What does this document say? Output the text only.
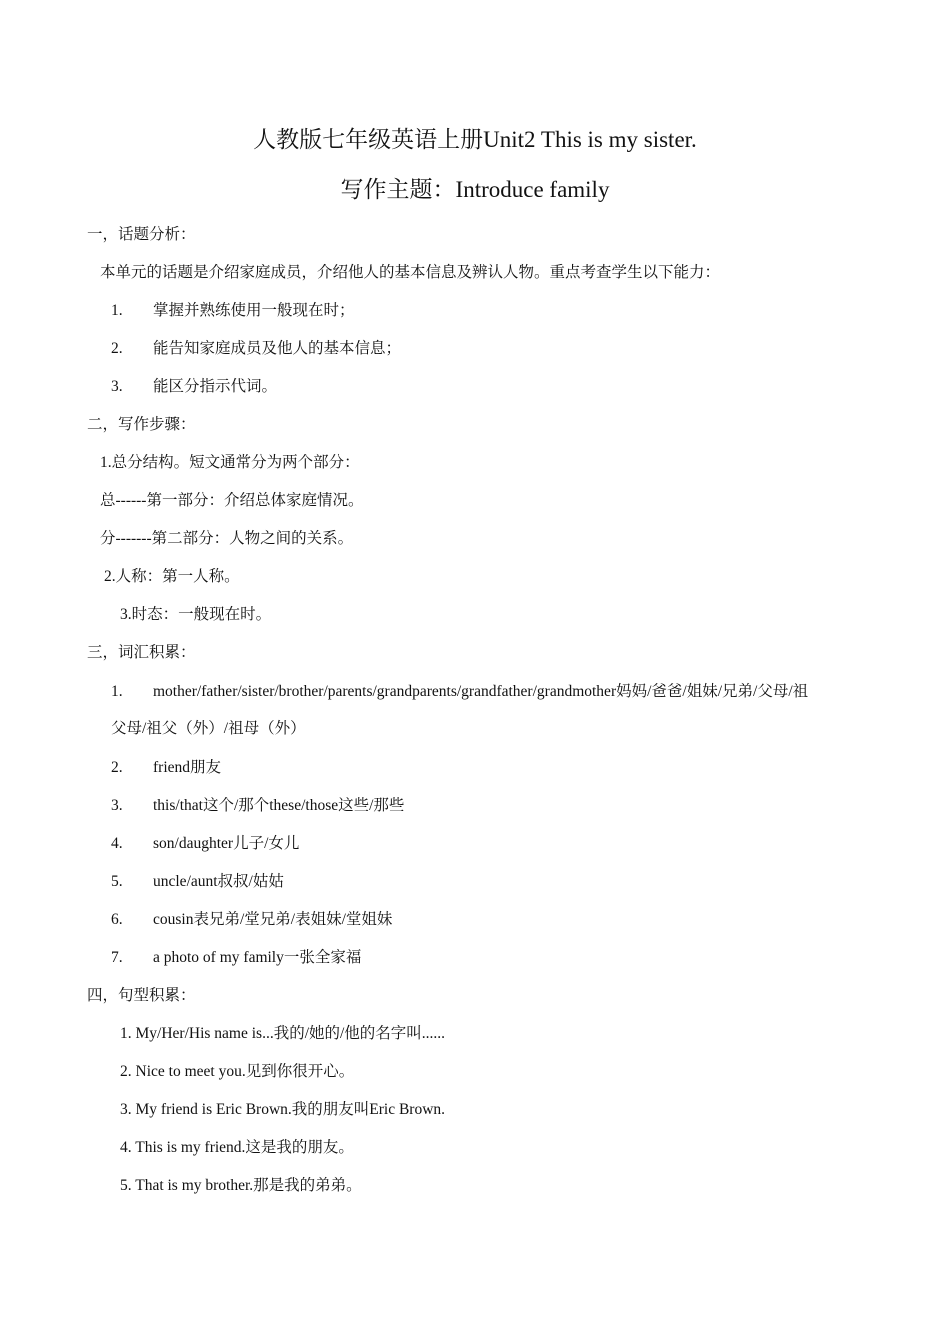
人教版七年级英语上册Unit2 This is my sister.
写作主题：Introduce family
一，话题分析：
本单元的话题是介绍家庭成员，介绍他人的基本信息及辨认人物。重点考查学生以下能力：
1. 掌握并熟练使用一般现在时；
2. 能告知家庭成员及他人的基本信息；
3. 能区分指示代词。
二，写作步骤：
1.总分结构。短文通常分为两个部分：
总------第一部分：介绍总体家庭情况。
分-------第二部分：人物之间的关系。
2.人称：第一人称。
3.时态：一般现在时。
三，词汇积累：
1. mother/father/sister/brother/parents/grandparents/grandfather/grandmother妈妈/爸爸/姐妹/兄弟/父母/祖
父母/祖父（外）/祖母（外）
2. friend朋友
3. this/that这个/那个these/those这些/那些
4. son/daughter儿子/女儿
5. uncle/aunt叔叔/姑姑
6. cousin表兄弟/堂兄弟/表姐妹/堂姐妹
7. a photo of my family一张全家福
四，句型积累：
1. My/Her/His name is...我的/她的/他的名字叫......
2. Nice to meet you.见到你很开心。
3. My friend is Eric Brown.我的朋友叫Eric Brown.
4. This is my friend.这是我的朋友。
5. That is my brother.那是我的弟弟。
